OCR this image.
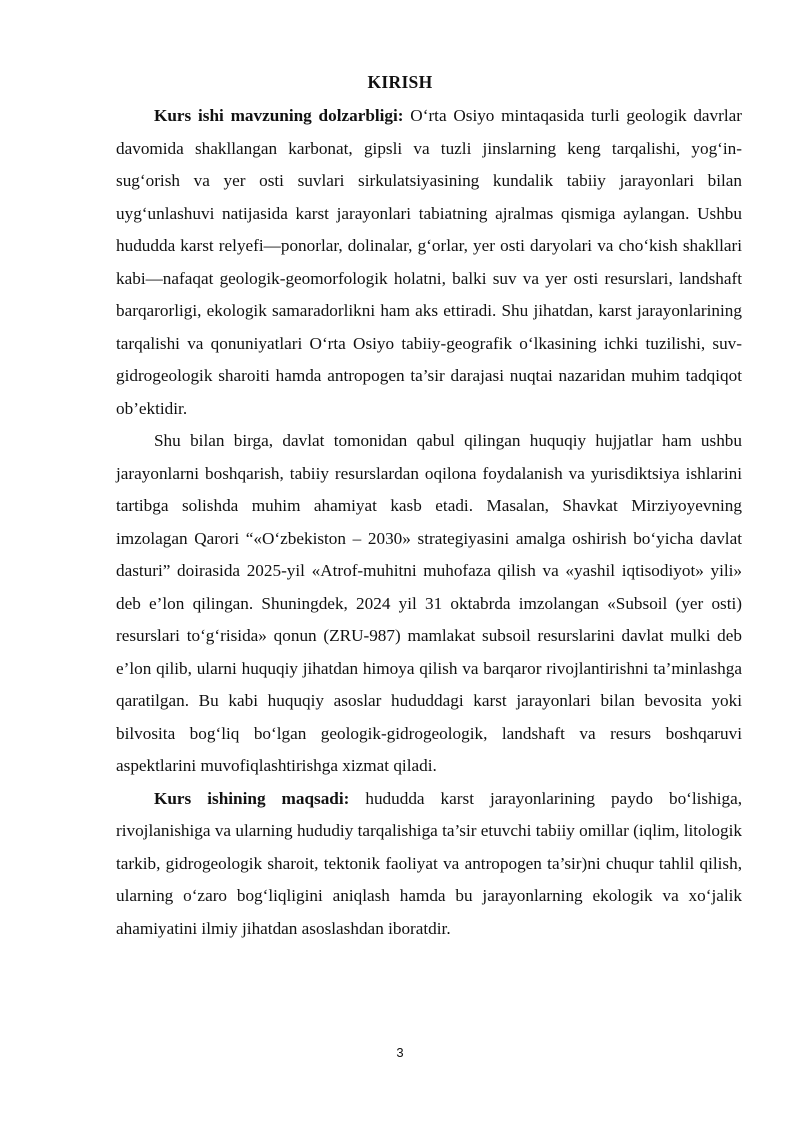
KIRISH

Kurs ishi mavzuning dolzarbligi: O‘rta Osiyo mintaqasida turli geologik davrlar davomida shakllangan karbonat, gipsli va tuzli jinslarning keng tarqalishi, yog‘in-sug‘orish va yer osti suvlari sirkulatsiyasining kundalik tabiiy jarayonlari bilan uyg‘unlashuvi natijasida karst jarayonlari tabiatning ajralmas qismiga aylangan. Ushbu hududda karst relyefi—ponorlar, dolinalar, g‘orlar, yer osti daryolari va cho‘kish shakllari kabi—nafaqat geologik-geomorfologik holatni, balki suv va yer osti resurslari, landshaft barqarorligi, ekologik samaradorlikni ham aks ettiradi. Shu jihatdan, karst jarayonlarining tarqalishi va qonuniyatlari O‘rta Osiyo tabiiy-geografik o‘lkasining ichki tuzilishi, suv-gidrogeologik sharoiti hamda antropogen ta’sir darajasi nuqtai nazaridan muhim tadqiqot ob’ektidir.

Shu bilan birga, davlat tomonidan qabul qilingan huquqiy hujjatlar ham ushbu jarayonlarni boshqarish, tabiiy resurslardan oqilona foydalanish va yurisdiktsiya ishlarini tartibga solishda muhim ahamiyat kasb etadi. Masalan, Shavkat Mirziyoyevning imzolagan Qarori “«O‘zbekiston – 2030» strategiyasini amalga oshirish bo‘yicha davlat dasturi” doirasida 2025-yil «Atrof-muhitni muhofaza qilish va «yashil iqtisodiyot» yili» deb e’lon qilingan. Shuningdek, 2024 yil 31 oktabrda imzolangan «Subsoil (yer osti) resurslari to‘g‘risida» qonun (ZRU-987) mamlakat subsoil resurslarini davlat mulki deb e’lon qilib, ularni huquqiy jihatdan himoya qilish va barqaror rivojlantirishni ta’minlashga qaratilgan. Bu kabi huquqiy asoslar hududdagi karst jarayonlari bilan bevosita yoki bilvosita bog‘liq bo‘lgan geologik-gidrogeologik, landshaft va resurs boshqaruvi aspektlarini muvofiqlashtirishga xizmat qiladi.

Kurs ishining maqsadi: hududda karst jarayonlarining paydo bo‘lishiga, rivojlanishiga va ularning hududiy tarqalishiga ta’sir etuvchi tabiiy omillar (iqlim, litologik tarkib, gidrogeologik sharoit, tektonik faoliyat va antropogen ta’sir)ni chuqur tahlil qilish, ularning o‘zaro bog‘liqligini aniqlash hamda bu jarayonlarning ekologik va xo‘jalik ahamiyatini ilmiy jihatdan asoslashdan iboratdir.

3
